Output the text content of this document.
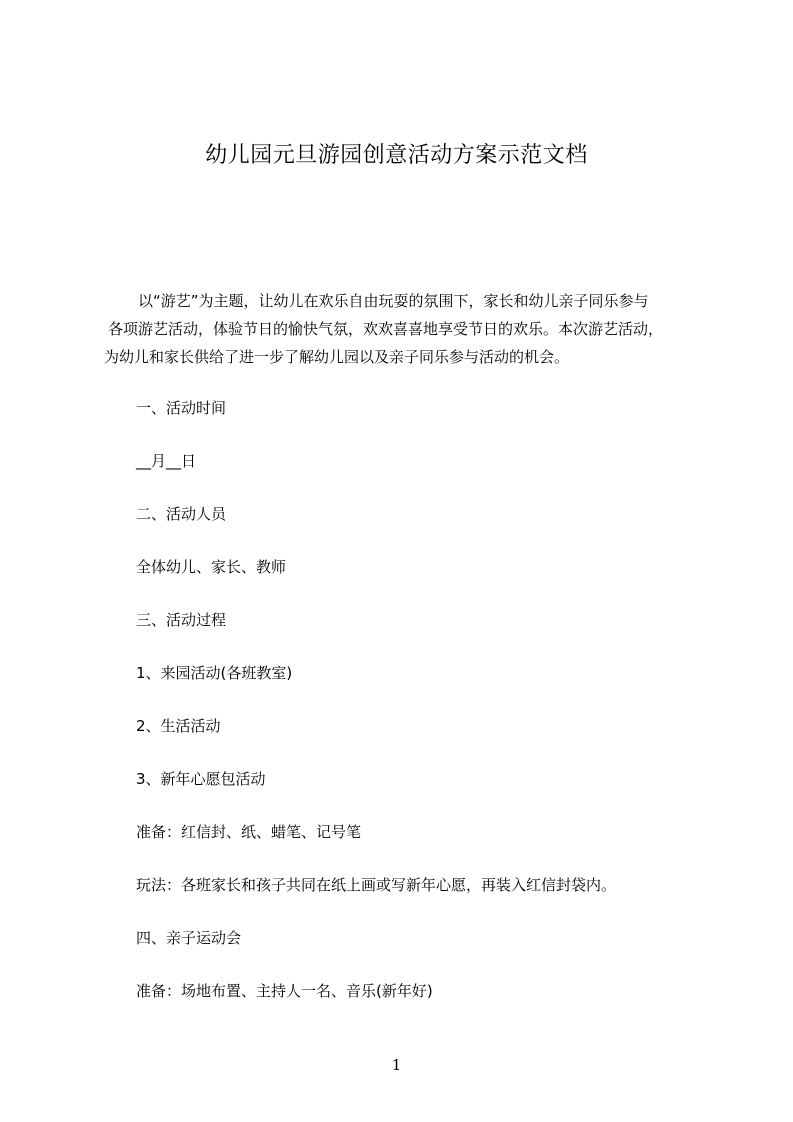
幼儿园元旦游园创意活动方案示范文档

以“游艺”为主题，让幼儿在欢乐自由玩耍的氛围下，家长和幼儿亲子同乐参与
各项游艺活动，体验节日的愉快气氛，欢欢喜喜地享受节日的欢乐。本次游艺活动，
为幼儿和家长供给了进一步了解幼儿园以及亲子同乐参与活动的机会。

一、活动时间
__月__日
二、活动人员
全体幼儿、家长、教师
三、活动过程
1、来园活动(各班教室)
2、生活活动
3、新年心愿包活动
准备：红信封、纸、蜡笔、记号笔
玩法：各班家长和孩子共同在纸上画或写新年心愿，再装入红信封袋内。
四、亲子运动会
准备：场地布置、主持人一名、音乐(新年好)
1
